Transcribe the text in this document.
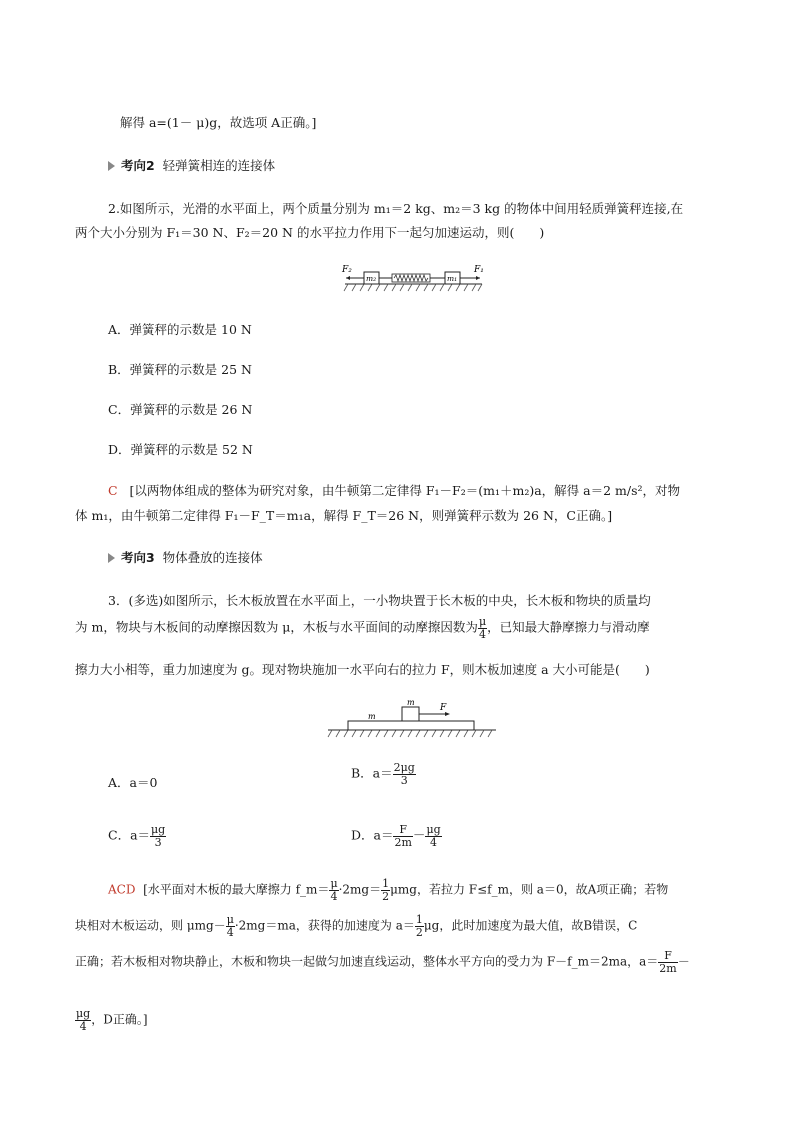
解得 a=(1－ μ)g，故选项 A正确。]
考向2 轻弹簧相连的连接体
2.如图所示，光滑的水平面上，两个质量分别为 m₁＝2 kg、m₂＝3 kg 的物体中间用轻质弹簧秤连接,在
两个大小分别为 F₁＝30 N、F₂＝20 N 的水平拉力作用下一起匀加速运动，则(　　)
F₂
m₂	m₁
F₁
A．弹簧秤的示数是 10 N
B．弹簧秤的示数是 25 N
C．弹簧秤的示数是 26 N
D．弹簧秤的示数是 52 N
C [以两物体组成的整体为研究对象，由牛顿第二定律得 F₁－F₂＝(m₁＋m₂)a，解得 a＝2 m/s²，对物
体 m₁，由牛顿第二定律得 F₁－F_T＝m₁a，解得 F_T＝26 N，则弹簧秤示数为 26 N，C正确。]
考向3 物体叠放的连接体
3．(多选)如图所示，长木板放置在水平面上，一小物块置于长木板的中央，长木板和物块的质量均
为 m，物块与木板间的动摩擦因数为 μ，木板与水平面间的动摩擦因数为 $\frac{\mu}{4}$ ，已知最大静摩擦力与滑动摩
擦力大小相等，重力加速度为 g。现对物块施加一水平向右的拉力 F，则木板加速度 a 大小可能是(　　)
m
m
F
A．a＝0
B．$a= \frac{2\mu g}{3}$
C．$a= \frac{\mu g}{3}$	D．$a= \frac{F}{2m} - \frac{\mu g}{4}$
ACD [水平面对木板的最大摩擦力 f_m＝ $\frac{\mu}{4} \cdot 2mg= \frac{1}{2}$ μmg，若拉力 F≤f_m，则 a＝0，故A项正确；若物
块相对木板运动，则 $\mu mg- \frac{\mu}{4} \cdot 2mg=ma$，获得的加速度为 $a= \frac{1}{2}$ μg，此时加速度为最大值，故B错误，C
正确；若木板相对物块静止，木板和物块一起做匀加速直线运动，整体水平方向的受力为 F－f_m＝2ma，$a= \frac{F}{2m}$ －
$\frac{\mu g}{4}$ ，D正确。]
